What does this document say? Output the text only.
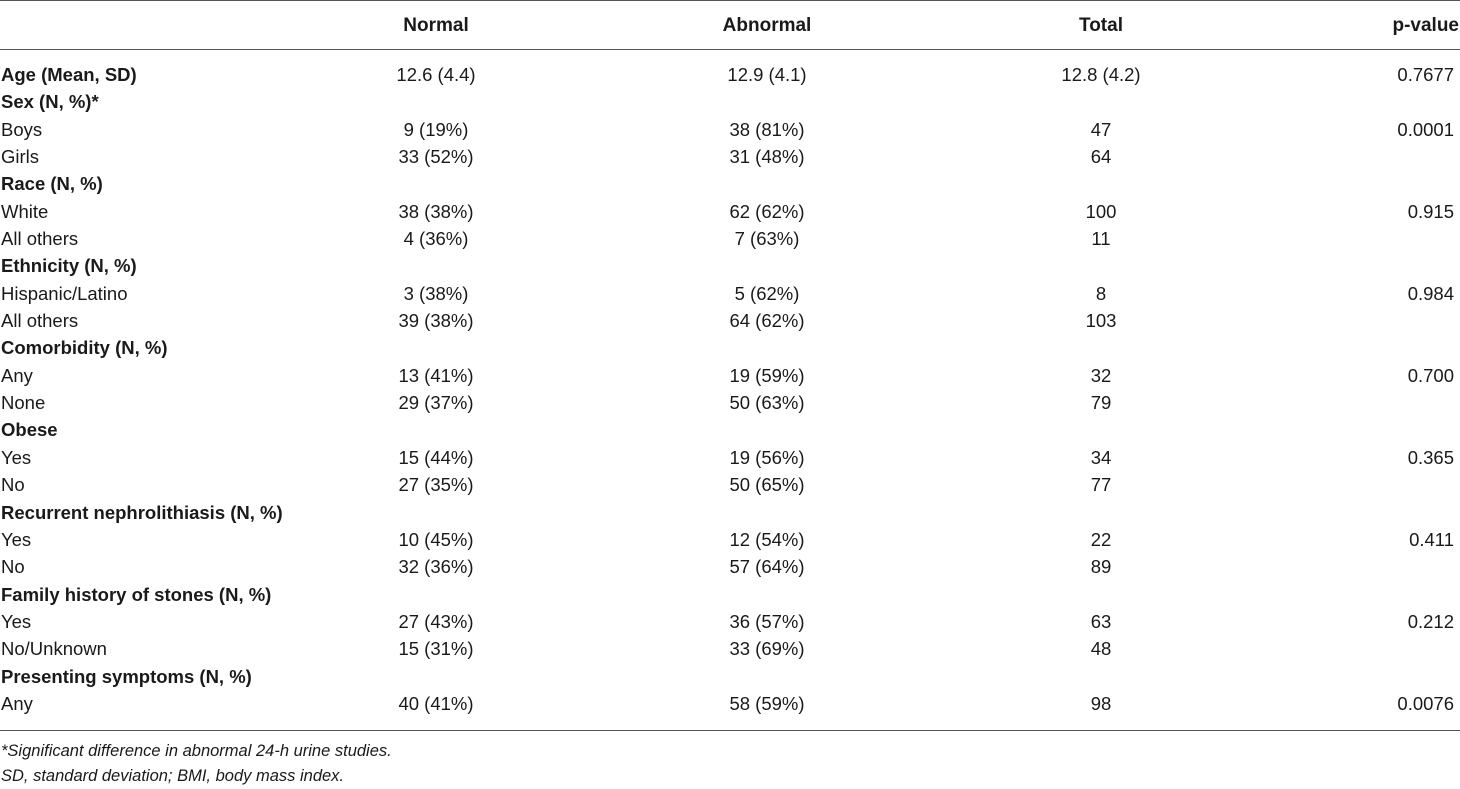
Normal	Abnormal	Total	p-value
Age (Mean, SD)	12.6 (4.4)	12.9 (4.1)	12.8 (4.2)	0.7677
Sex (N, %)*
Boys	9 (19%)	38 (81%)	47	0.0001
Girls	33 (52%)	31 (48%)	64
Race (N, %)
White	38 (38%)	62 (62%)	100	0.915
All others	4 (36%)	7 (63%)	11
Ethnicity (N, %)
Hispanic/Latino	3 (38%)	5 (62%)	8	0.984
All others	39 (38%)	64 (62%)	103
Comorbidity (N, %)
Any	13 (41%)	19 (59%)	32	0.700
None	29 (37%)	50 (63%)	79
Obese
Yes	15 (44%)	19 (56%)	34	0.365
No	27 (35%)	50 (65%)	77
Recurrent nephrolithiasis (N, %)
Yes	10 (45%)	12 (54%)	22	0.411
No	32 (36%)	57 (64%)	89
Family history of stones (N, %)
Yes	27 (43%)	36 (57%)	63	0.212
No/Unknown	15 (31%)	33 (69%)	48
Presenting symptoms (N, %)
Any	40 (41%)	58 (59%)	98	0.0076
*Significant difference in abnormal 24-h urine studies.
SD, standard deviation; BMI, body mass index.
